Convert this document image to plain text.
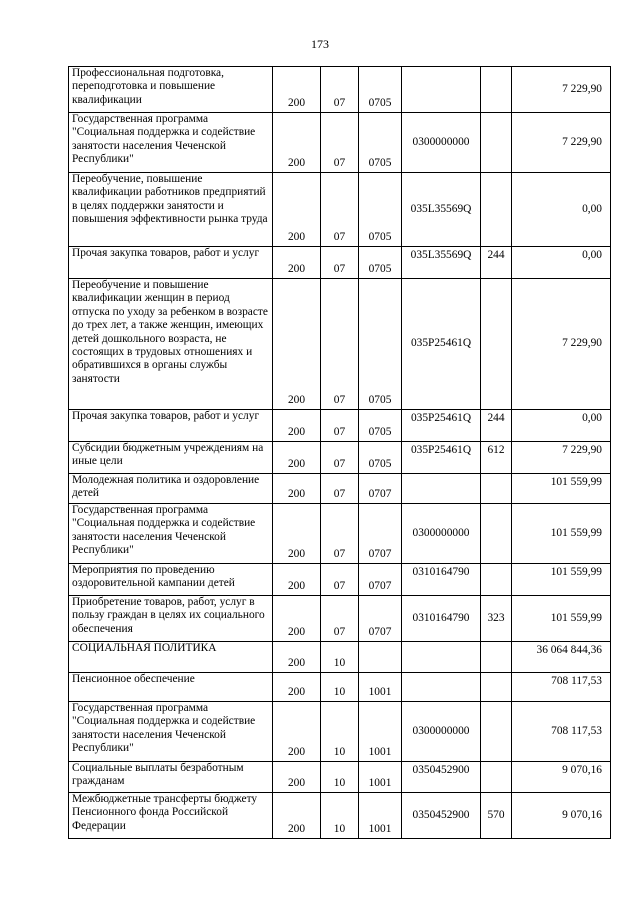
173
Профессиональная подготовка, переподготовка и повышение квалификации	200	07	0705			7 229,90
Государственная программа "Социальная поддержка и содействие занятости населения Чеченской Республики"	200	07	0705	0300000000		7 229,90
Переобучение, повышение квалификации работников предприятий в целях поддержки занятости и повышения эффективности рынка труда	200	07	0705	035L35569Q		0,00
Прочая закупка товаров, работ и услуг	200	07	0705	035L35569Q	244	0,00
Переобучение и повышение квалификации женщин в период отпуска по уходу за ребенком в возрасте до трех лет, а также женщин, имеющих детей дошкольного возраста, не состоящих в трудовых отношениях и обратившихся в органы службы занятости	200	07	0705	035P25461Q		7 229,90
Прочая закупка товаров, работ и услуг	200	07	0705	035P25461Q	244	0,00
Субсидии бюджетным учреждениям на иные цели	200	07	0705	035P25461Q	612	7 229,90
Молодежная политика и оздоровление детей	200	07	0707			101 559,99
Государственная программа "Социальная поддержка и содействие занятости населения Чеченской Республики"	200	07	0707	0300000000		101 559,99
Мероприятия по проведению оздоровительной кампании детей	200	07	0707	0310164790		101 559,99
Приобретение товаров, работ, услуг в пользу граждан в целях их социального обеспечения	200	07	0707	0310164790	323	101 559,99
СОЦИАЛЬНАЯ ПОЛИТИКА	200	10				36 064 844,36
Пенсионное обеспечение	200	10	1001			708 117,53
Государственная программа "Социальная поддержка и содействие занятости населения Чеченской Республики"	200	10	1001	0300000000		708 117,53
Социальные выплаты безработным гражданам	200	10	1001	0350452900		9 070,16
Межбюджетные трансферты бюджету Пенсионного фонда Российской Федерации	200	10	1001	0350452900	570	9 070,16
